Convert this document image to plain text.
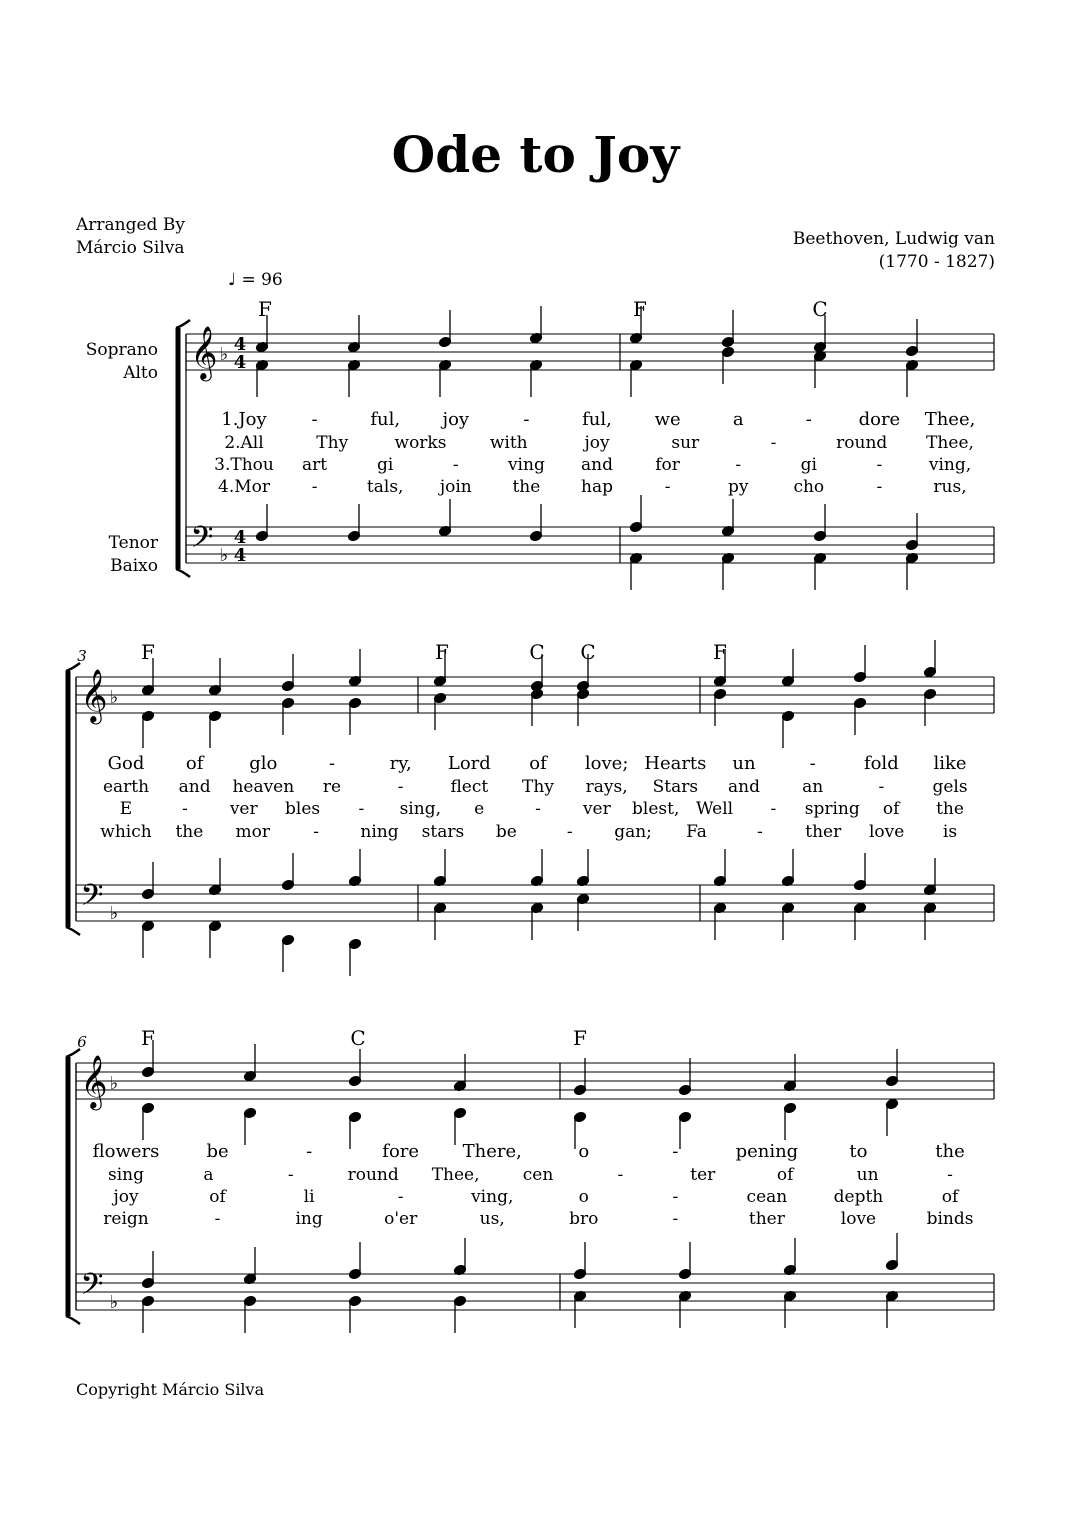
Ode to Joy
Arranged By
Márcio Silva	Beethoven, Ludwig van
(1770 - 1827)
♩ = 96
Copyright Márcio Silva
𝄞
𝄢
♭
♭
4
4
4
4
𝄞
𝄢
♭
♭
𝄞
𝄢
♭
♭
F	F	C
1.Joy -	ful, joy	-	ful, we	a	-	dore Thee,
2.All	Thy	works	with	joy	sur	-	round Thee,
3.Thou art	gi	-	ving and for	-	gi	-	ving,
4.Mor -	tals, join the hap	-	py	cho	-	rus,
F	F	C C	F
3
God of	glo	-	ry, Lord of love; Hearts un	-	fold like
earth and heaven re	-	flect Thy rays, Stars and an	-	gels
E	- ver bles - sing, e	- ver blest, Well - spring of the
which the mor	- ning stars be	- gan; Fa	-	ther love is
F	C	F
6
flowers	be	-	fore There,	o	-	pening	to	the
sing	a	-	round Thee,	cen	-	ter	of	un	-
joy	of	li	-	ving,	o	-	cean	depth	of
reign	-	ing	o'er	us,	bro	-	ther	love	binds
Soprano
Alto
Tenor
Baixo
